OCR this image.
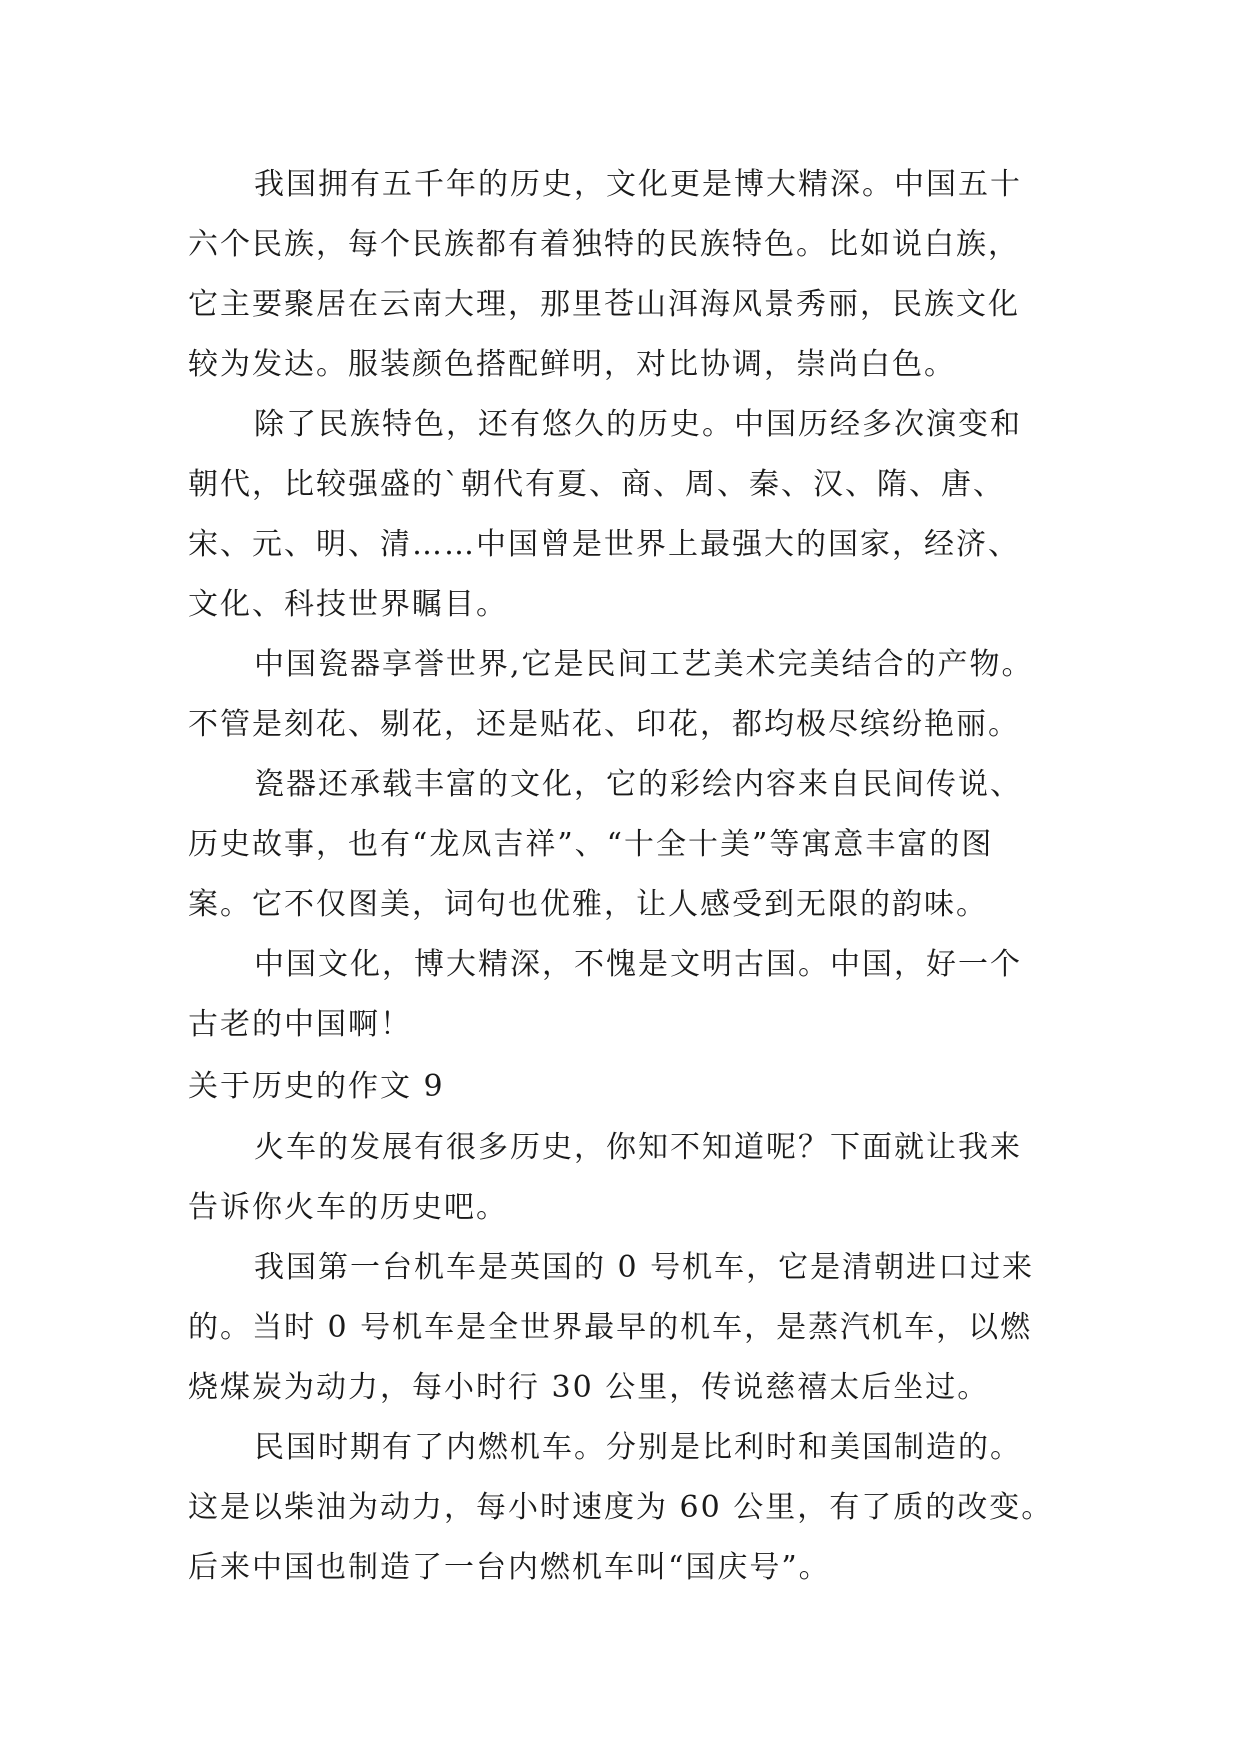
我国拥有五千年的历史，文化更是博大精深。中国五十
六个民族，每个民族都有着独特的民族特色。比如说白族，
它主要聚居在云南大理，那里苍山洱海风景秀丽，民族文化
较为发达。服装颜色搭配鲜明，对比协调，崇尚白色。
除了民族特色，还有悠久的历史。中国历经多次演变和
朝代，比较强盛的`朝代有夏、商、周、秦、汉、隋、唐、
宋、元、明、清……中国曾是世界上最强大的国家，经济、
文化、科技世界瞩目。
中国瓷器享誉世界,它是民间工艺美术完美结合的产物。
不管是刻花、剔花，还是贴花、印花，都均极尽缤纷艳丽。
瓷器还承载丰富的文化，它的彩绘内容来自民间传说、
历史故事，也有“龙凤吉祥”、“十全十美”等寓意丰富的图
案。它不仅图美，词句也优雅，让人感受到无限的韵味。
中国文化，博大精深，不愧是文明古国。中国，好一个
古老的中国啊！
关于历史的作文 9
火车的发展有很多历史，你知不知道呢？下面就让我来
告诉你火车的历史吧。
我国第一台机车是英国的 0 号机车，它是清朝进口过来
的。当时 0 号机车是全世界最早的机车，是蒸汽机车，以燃
烧煤炭为动力，每小时行 30 公里，传说慈禧太后坐过。
民国时期有了内燃机车。分别是比利时和美国制造的。
这是以柴油为动力，每小时速度为 60 公里，有了质的改变。
后来中国也制造了一台内燃机车叫“国庆号”。
